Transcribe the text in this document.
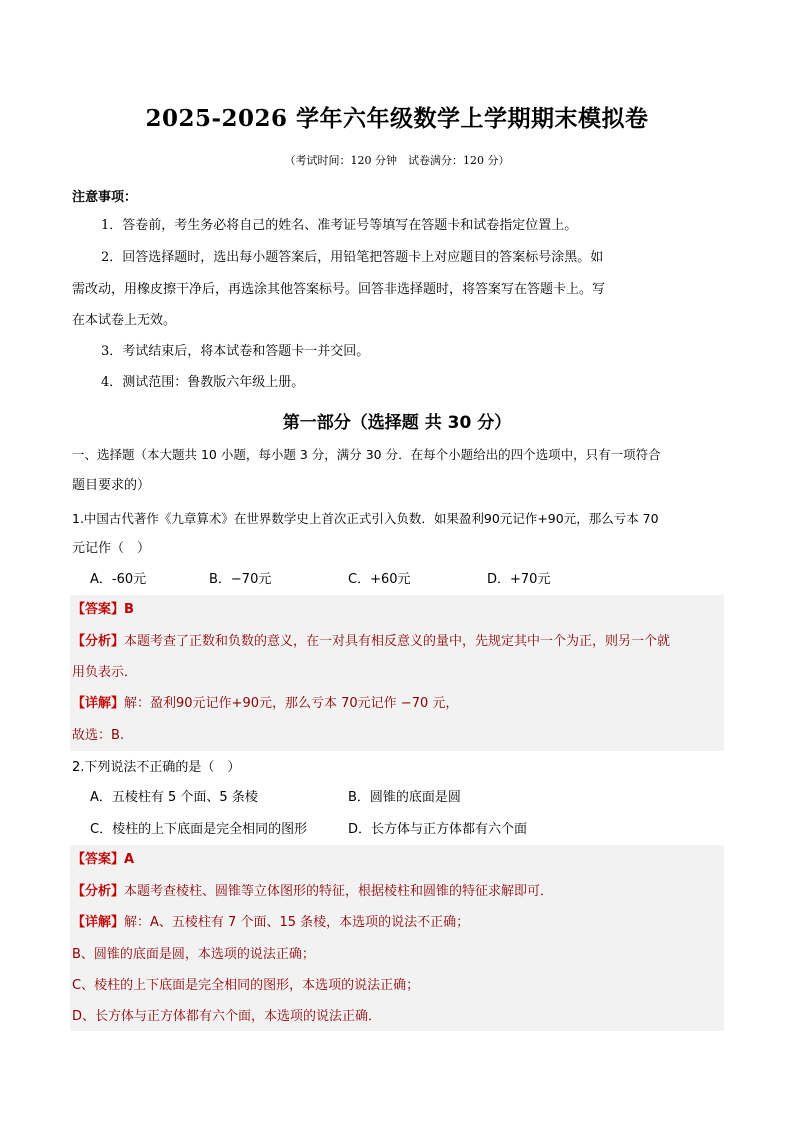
2025-2026 学年六年级数学上学期期末模拟卷
（考试时间：120 分钟　试卷满分：120 分）
注意事项：
1．答卷前，考生务必将自己的姓名、准考证号等填写在答题卡和试卷指定位置上。
2．回答选择题时，选出每小题答案后，用铅笔把答题卡上对应题目的答案标号涂黑。如
需改动，用橡皮擦干净后，再选涂其他答案标号。回答非选择题时，将答案写在答题卡上。写
在本试卷上无效。
3．考试结束后，将本试卷和答题卡一并交回。
4．测试范围：鲁教版六年级上册。
第一部分（选择题 共 30 分）
一、选择题（本大题共 10 小题，每小题 3 分，满分 30 分．在每个小题给出的四个选项中，只有一项符合
题目要求的）
1.中国古代著作《九章算术》在世界数学史上首次正式引入负数．如果盈利90元记作+90元，那么亏本 70
元记作（　）
A．-60元	B．−70元	C．+60元	D．+70元
【答案】B
【分析】本题考查了正数和负数的意义，在一对具有相反意义的量中，先规定其中一个为正，则另一个就
用负表示．
【详解】解：盈利90元记作+90元，那么亏本 70元记作 −70 元，
故选：B.
2.下列说法不正确的是（　）
A．五棱柱有 5 个面、5 条棱	B．圆锥的底面是圆
C．棱柱的上下底面是完全相同的图形	D．长方体与正方体都有六个面
【答案】A
【分析】本题考查棱柱、圆锥等立体图形的特征，根据棱柱和圆锥的特征求解即可．
【详解】解：A、五棱柱有 7 个面、15 条棱，本选项的说法不正确；
B、圆锥的底面是圆，本选项的说法正确；
C、棱柱的上下底面是完全相同的图形，本选项的说法正确；
D、长方体与正方体都有六个面，本选项的说法正确．
